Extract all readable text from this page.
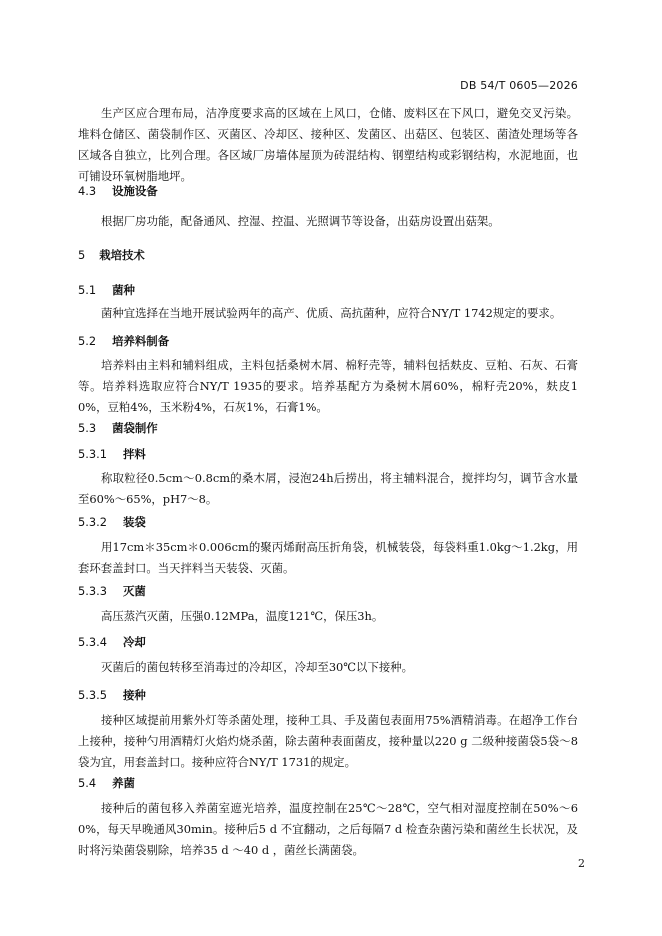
DB 54/T 0605—2026
生产区应合理布局，洁净度要求高的区域在上风口，仓储、废料区在下风口，避免交叉污染。堆料仓储区、菌袋制作区、灭菌区、冷却区、接种区、发菌区、出菇区、包装区、菌渣处理场等各区域各自独立，比列合理。各区域厂房墙体屋顶为砖混结构、钢塑结构或彩钢结构，水泥地面，也可铺设环氧树脂地坪。
4.3 设施设备
根据厂房功能，配备通风、控湿、控温、光照调节等设备，出菇房设置出菇架。
5 栽培技术
5.1 菌种
菌种宜选择在当地开展试验两年的高产、优质、高抗菌种，应符合NY/T 1742规定的要求。
5.2 培养料制备
培养料由主料和辅料组成，主料包括桑树木屑、棉籽壳等，辅料包括麸皮、豆粕、石灰、石膏等。培养料选取应符合NY/T 1935的要求。培养基配方为桑树木屑60%，棉籽壳20%，麸皮10%，豆粕4%，玉米粉4%，石灰1%，石膏1%。
5.3 菌袋制作
5.3.1 拌料
称取粒径0.5cm～0.8cm的桑木屑，浸泡24h后捞出，将主辅料混合，搅拌均匀，调节含水量至60%～65%，pH7～8。
5.3.2 装袋
用17cm＊35cm＊0.006cm的聚丙烯耐高压折角袋，机械装袋，每袋料重1.0kg～1.2kg，用套环套盖封口。当天拌料当天装袋、灭菌。
5.3.3 灭菌
高压蒸汽灭菌，压强0.12MPa，温度121℃，保压3h。
5.3.4 冷却
灭菌后的菌包转移至消毒过的冷却区，冷却至30℃以下接种。
5.3.5 接种
接种区域提前用紫外灯等杀菌处理，接种工具、手及菌包表面用75%酒精消毒。在超净工作台上接种，接种勺用酒精灯火焰灼烧杀菌，除去菌种表面菌皮，接种量以220 g 二级种接菌袋5袋～8袋为宜，用套盖封口。接种应符合NY/T 1731的规定。
5.4 养菌
接种后的菌包移入养菌室遮光培养，温度控制在25℃～28℃，空气相对湿度控制在50%～60%，每天早晚通风30min。接种后5 d 不宜翻动，之后每隔7 d 检查杂菌污染和菌丝生长状况，及时将污染菌袋剔除，培养35 d ～40 d ，菌丝长满菌袋。
2
